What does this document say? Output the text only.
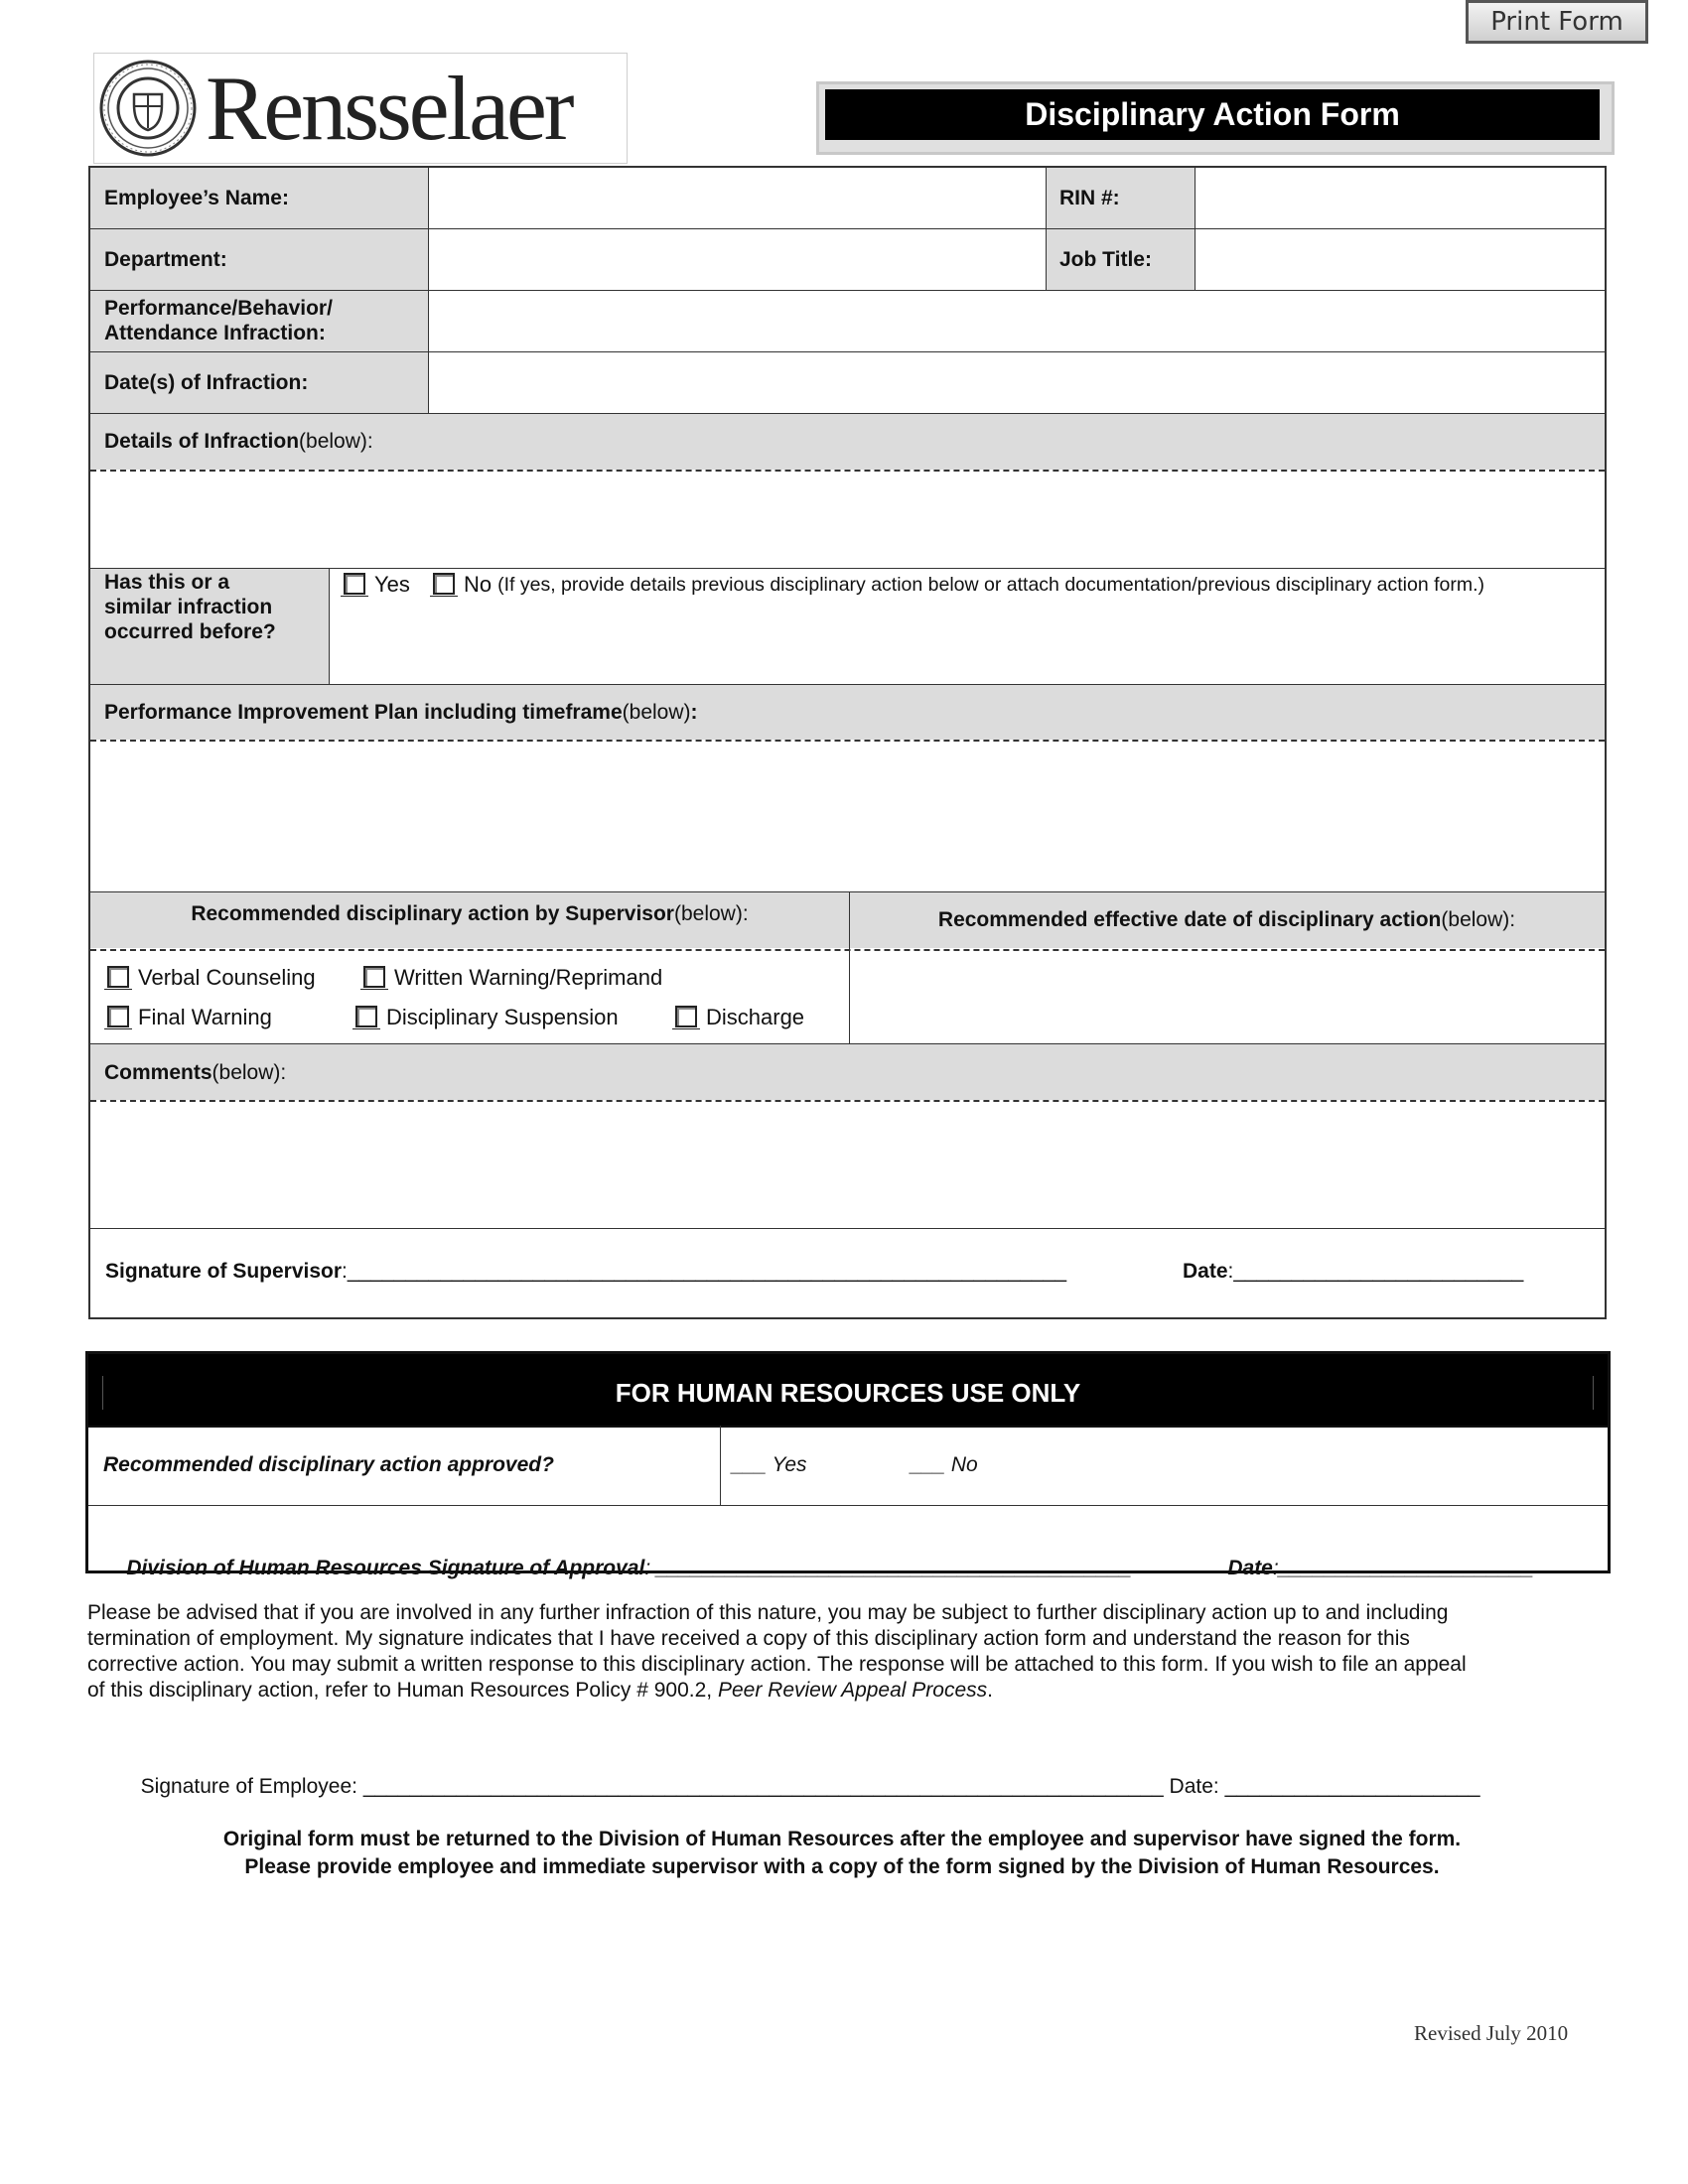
Print Form
Rensselaer	Disciplinary Action Form
Employee’s Name:	RIN #:
Department:	Job Title:
Performance/Behavior/
Attendance Infraction:
Date(s) of Infraction:
Details of Infraction (below):
Has this or a
similar infraction
occurred before?
Yes No (If yes, provide details previous disciplinary action below or attach documentation/previous disciplinary action form.)
Performance Improvement Plan including timeframe (below) :
Recommended disciplinary action by Supervisor (below):	Recommended effective date of disciplinary action (below):
Verbal Counseling	Written Warning/Reprimand
Final Warning	Disciplinary Suspension	Discharge
Comments (below):
Signature of Supervisor:______________________________________________________________	Date:_________________________
FOR HUMAN RESOURCES USE ONLY
Recommended disciplinary action approved?	___ Yes	___ No

Division of Human Resources Signature of Approval: _________________________________________
	Date:______________________

Please be advised that if you are involved in any further infraction of this nature, you may be subject to further disciplinary action up to and including
termination of employment. My signature indicates that I have received a copy of this disciplinary action form and understand the reason for this
corrective action. You may submit a written response to this disciplinary action. The response will be attached to this form. If you wish to file an appeal
of this disciplinary action, refer to Human Resources Policy # 900.2, Peer Review Appeal Process.

Signature of Employee: _____________________________________________________________________ Date: ______________________

Original form must be returned to the Division of Human Resources after the employee and supervisor have signed the form.
Please provide employee and immediate supervisor with a copy of the form signed by the Division of Human Resources.
Revised July 2010
